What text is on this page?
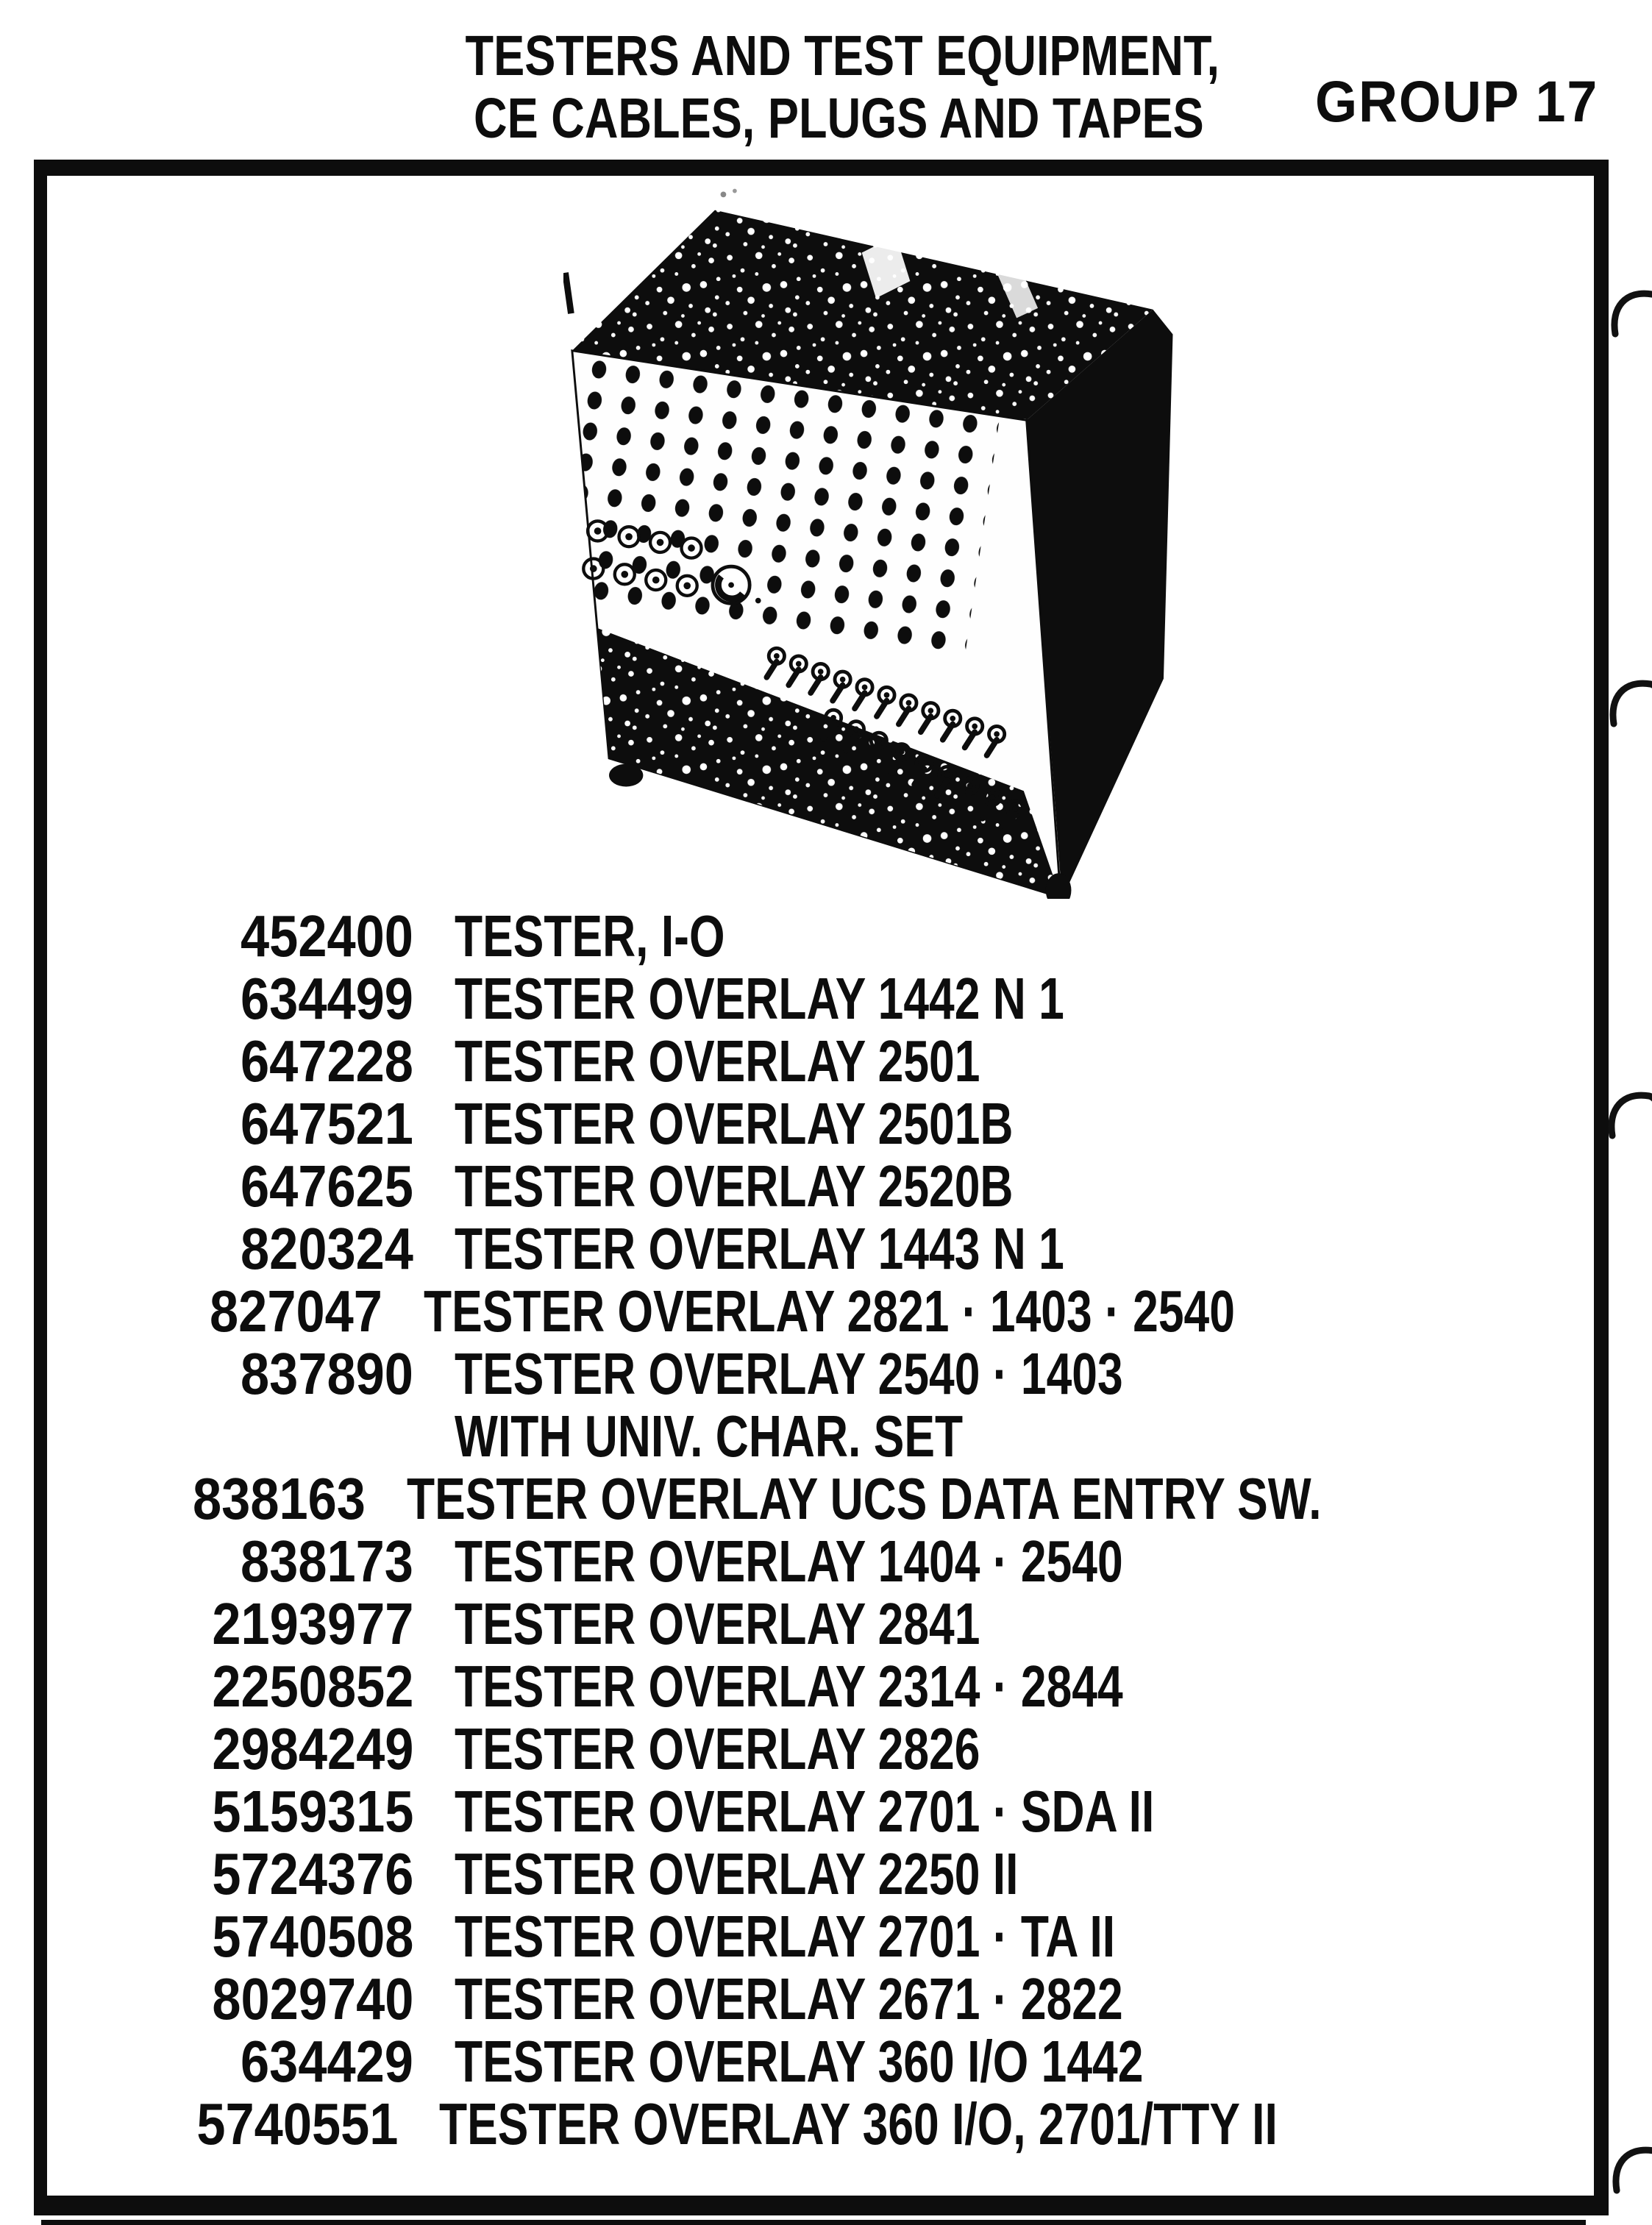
TESTERS AND TEST EQUIPMENT,
CE CABLES, PLUGS AND TAPES	GROUP 17
452400 TESTER, I-O
634499 TESTER OVERLAY 1442 N 1
647228 TESTER OVERLAY 2501
647521 TESTER OVERLAY 2501B
647625 TESTER OVERLAY 2520B
820324 TESTER OVERLAY 1443 N 1
827047 TESTER OVERLAY 2821 · 1403 · 2540
837890 TESTER OVERLAY 2540 · 1403
WITH UNIV. CHAR. SET
838163 TESTER OVERLAY UCS DATA ENTRY SW.
838173 TESTER OVERLAY 1404 · 2540
2193977 TESTER OVERLAY 2841
2250852 TESTER OVERLAY 2314 · 2844
2984249 TESTER OVERLAY 2826
5159315 TESTER OVERLAY 2701 · SDA II
5724376 TESTER OVERLAY 2250 II
5740508 TESTER OVERLAY 2701 · TA II
8029740 TESTER OVERLAY 2671 · 2822
634429 TESTER OVERLAY 360 I/O 1442
5740551 TESTER OVERLAY 360 I/O, 2701/TTY II
